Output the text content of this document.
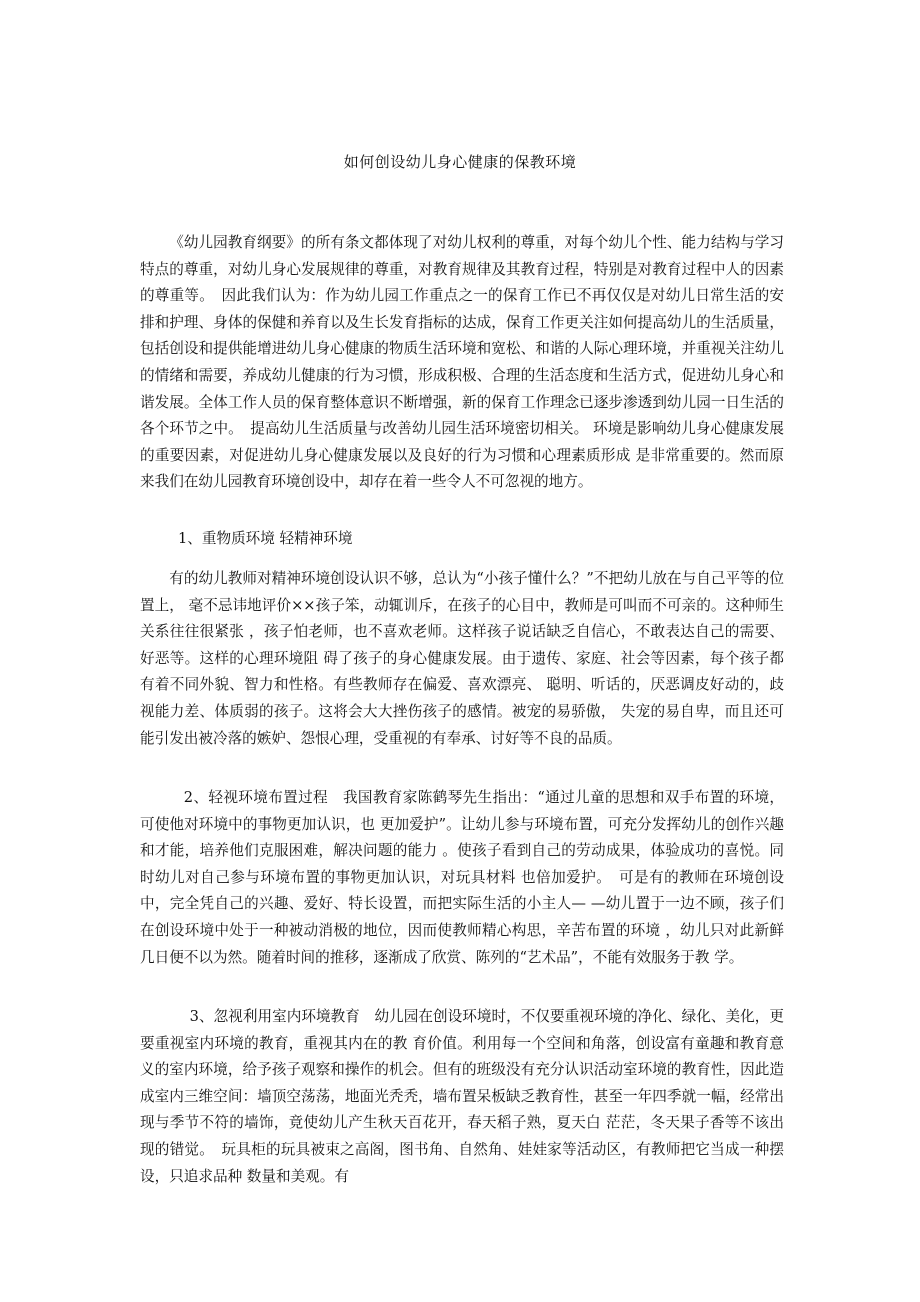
如何创设幼儿身心健康的保教环境

《幼儿园教育纲要》的所有条文都体现了对幼儿权利的尊重，对每个幼儿个性、能力结构与学习特点的尊重，对幼儿身心发展规律的尊重，对教育规律及其教育过程，特别是对教育过程中人的因素的尊重等。　因此我们认为：作为幼儿园工作重点之一的保育工作已不再仅仅是对幼儿日常生活的安排和护理、身体的保健和养育以及生长发育指标的达成，保育工作更关注如何提高幼儿的生活质量，包括创设和提供能增进幼儿身心健康的物质生活环境和宽松、和谐的人际心理环境，并重视关注幼儿的情绪和需要，养成幼儿健康的行为习惯，形成积极、合理的生活态度和生活方式，促进幼儿身心和谐发展。全体工作人员的保育整体意识不断增强，新的保育工作理念已逐步渗透到幼儿园一日生活的各个环节之中。　提高幼儿生活质量与改善幼儿园生活环境密切相关。 环境是影响幼儿身心健康发展的重要因素，对促进幼儿身心健康发展以及良好的行为习惯和心理素质形成 是非常重要的。然而原来我们在幼儿园教育环境创设中，却存在着一些令人不可忽视的地方。

1、重物质环境 轻精神环境

有的幼儿教师对精神环境创设认识不够，总认为“小孩子懂什么？”不把幼儿放在与自己平等的位置上， 毫不忌讳地评价××孩子笨，动辄训斥，在孩子的心目中，教师是可叫而不可亲的。这种师生关系往往很紧张 ，孩子怕老师，也不喜欢老师。这样孩子说话缺乏自信心，不敢表达自己的需要、好恶等。这样的心理环境阻 碍了孩子的身心健康发展。由于遗传、家庭、社会等因素，每个孩子都有着不同外貌、智力和性格。有些教师存在偏爱、喜欢漂亮、 聪明、听话的，厌恶调皮好动的，歧视能力差、体质弱的孩子。这将会大大挫伤孩子的感情。被宠的易骄傲， 失宠的易自卑，而且还可能引发出被冷落的嫉妒、怨恨心理，受重视的有奉承、讨好等不良的品质。

2、轻视环境布置过程　我国教育家陈鹤琴先生指出：“通过儿童的思想和双手布置的环境，可使他对环境中的事物更加认识，也 更加爱护”。让幼儿参与环境布置，可充分发挥幼儿的创作兴趣和才能，培养他们克服困难，解决问题的能力 。使孩子看到自己的劳动成果，体验成功的喜悦。同时幼儿对自己参与环境布置的事物更加认识，对玩具材料 也倍加爱护。　可是有的教师在环境创设中，完全凭自己的兴趣、爱好、特长设置，而把实际生活的小主人— —幼儿置于一边不顾，孩子们在创设环境中处于一种被动消极的地位，因而使教师精心构思，辛苦布置的环境 ，幼儿只对此新鲜几日便不以为然。随着时间的推移，逐渐成了欣赏、陈列的“艺术品”，不能有效服务于教 学。

3、忽视利用室内环境教育　幼儿园在创设环境时，不仅要重视环境的净化、绿化、美化，更要重视室内环境的教育，重视其内在的教 育价值。利用每一个空间和角落，创设富有童趣和教育意义的室内环境，给予孩子观察和操作的机会。但有的班级没有充分认识活动室环境的教育性，因此造成室内三维空间：墙顶空荡荡，地面光秃秃，墙布置呆板缺乏教育性，甚至一年四季就一幅，经常出现与季节不符的墙饰，竟使幼儿产生秋天百花开，春天稻子熟，夏天白 茫茫，冬天果子香等不该出现的错觉。　玩具柜的玩具被束之高阁，图书角、自然角、娃娃家等活动区，有教师把它当成一种摆设，只追求品种 数量和美观。有
